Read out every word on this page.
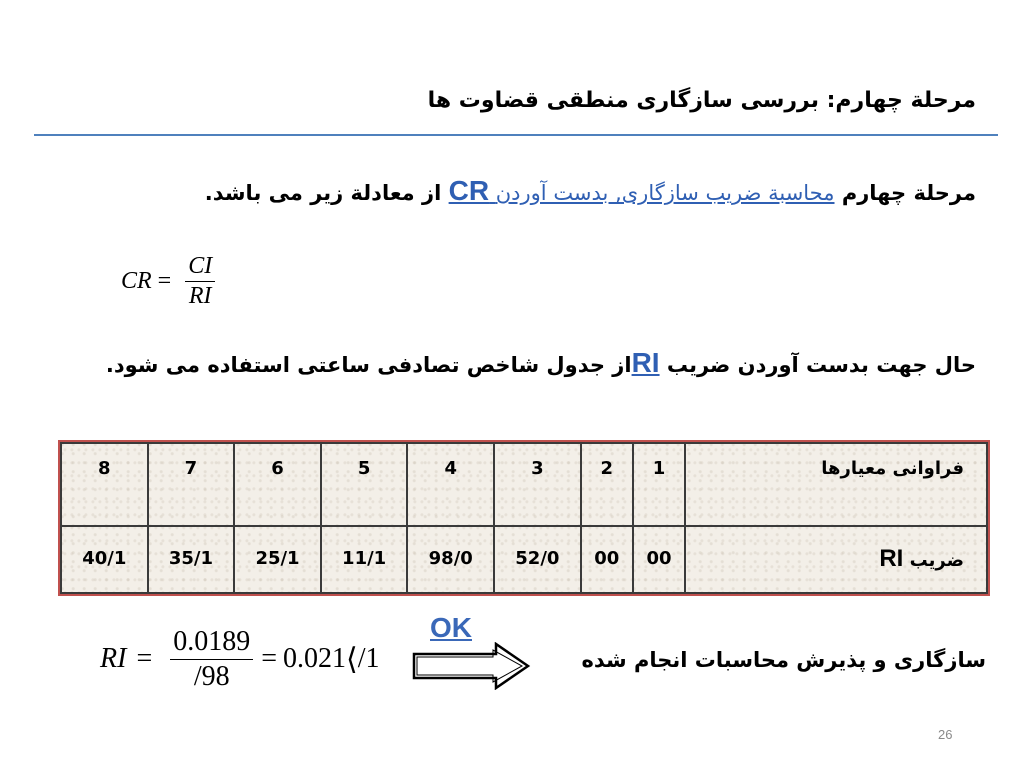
مرحلة چهارم: بررسی سازگاری منطقی قضاوت ها
مرحلة چهارم محاسبة ضریب سازگاری, بدست آوردن CR از معادلة زیر می باشد.
CR = $\frac{CI}{RI}$
حال جهت بدست آوردن ضریب RIاز جدول شاخص تصادفی ساعتی استفاده می شود.
8	7	6	5	4	3	2	1	فراوانی معیارها
40/1	35/1	25/1	11/1	98/0	52/0	00	00	ضریب RI
RI = $\frac{0.0189}{/98} = 0.021$ ⟨ /1
OK
سازگاری و پذیرش محاسبات انجام شده
26
